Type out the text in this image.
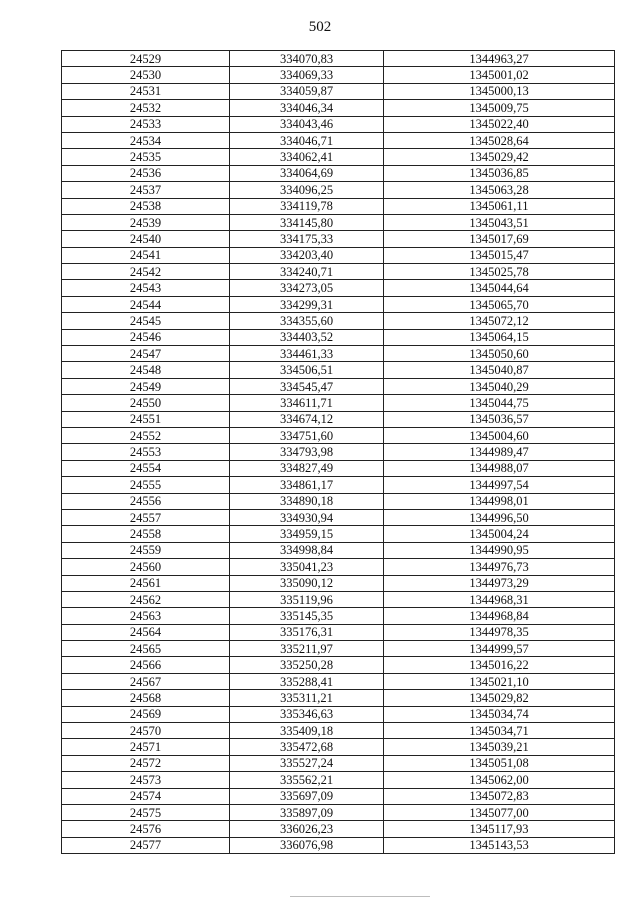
502
24529	334070,83	1344963,27
24530	334069,33	1345001,02
24531	334059,87	1345000,13
24532	334046,34	1345009,75
24533	334043,46	1345022,40
24534	334046,71	1345028,64
24535	334062,41	1345029,42
24536	334064,69	1345036,85
24537	334096,25	1345063,28
24538	334119,78	1345061,11
24539	334145,80	1345043,51
24540	334175,33	1345017,69
24541	334203,40	1345015,47
24542	334240,71	1345025,78
24543	334273,05	1345044,64
24544	334299,31	1345065,70
24545	334355,60	1345072,12
24546	334403,52	1345064,15
24547	334461,33	1345050,60
24548	334506,51	1345040,87
24549	334545,47	1345040,29
24550	334611,71	1345044,75
24551	334674,12	1345036,57
24552	334751,60	1345004,60
24553	334793,98	1344989,47
24554	334827,49	1344988,07
24555	334861,17	1344997,54
24556	334890,18	1344998,01
24557	334930,94	1344996,50
24558	334959,15	1345004,24
24559	334998,84	1344990,95
24560	335041,23	1344976,73
24561	335090,12	1344973,29
24562	335119,96	1344968,31
24563	335145,35	1344968,84
24564	335176,31	1344978,35
24565	335211,97	1344999,57
24566	335250,28	1345016,22
24567	335288,41	1345021,10
24568	335311,21	1345029,82
24569	335346,63	1345034,74
24570	335409,18	1345034,71
24571	335472,68	1345039,21
24572	335527,24	1345051,08
24573	335562,21	1345062,00
24574	335697,09	1345072,83
24575	335897,09	1345077,00
24576	336026,23	1345117,93
24577	336076,98	1345143,53
